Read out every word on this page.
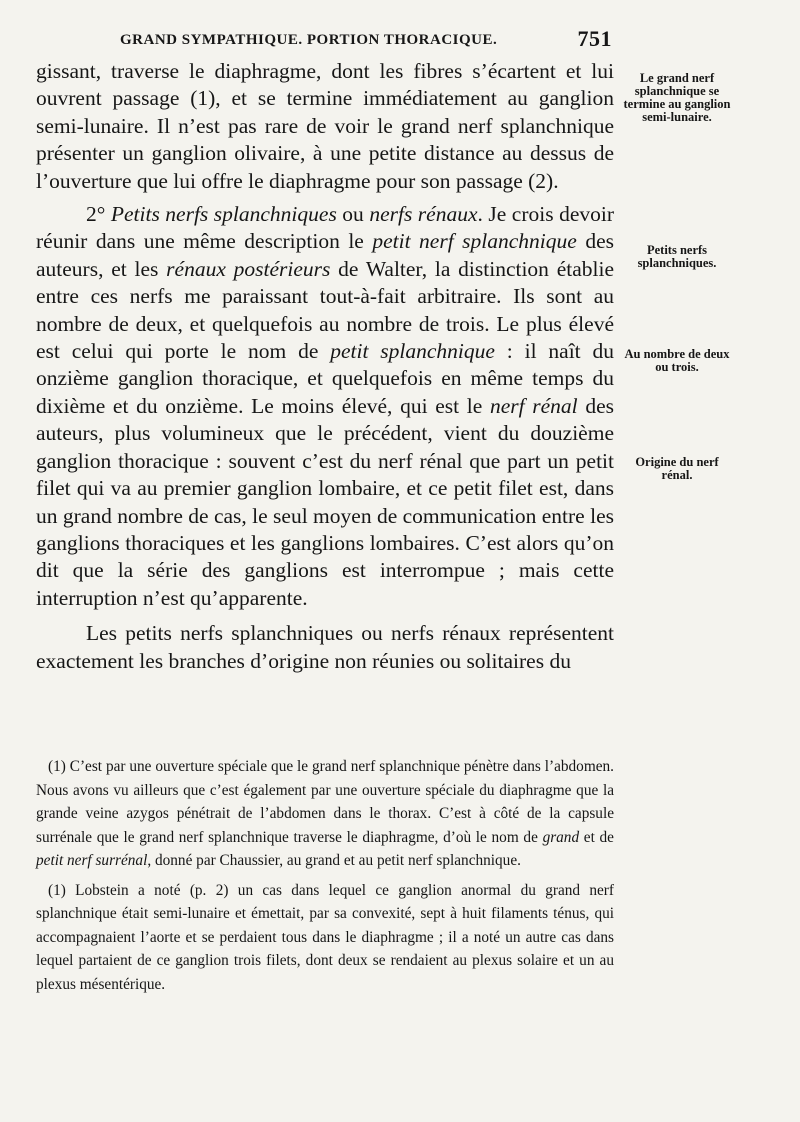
GRAND SYMPATHIQUE. PORTION THORACIQUE.	751

gissant, traverse le diaphragme, dont les fibres s’écartent et lui ouvrent passage (1), et se termine immédiatement au ganglion semi-lunaire. Il n’est pas rare de voir le grand nerf splanchnique présenter un ganglion olivaire, à une petite distance au dessus de l’ouverture que lui offre le diaphragme pour son passage (2).

2° Petits nerfs splanchniques ou nerfs rénaux. Je crois devoir réunir dans une même description le petit nerf splanchnique des auteurs, et les rénaux postérieurs de Walter, la distinction établie entre ces nerfs me paraissant tout-à-fait arbitraire. Ils sont au nombre de deux, et quelquefois au nombre de trois. Le plus élevé est celui qui porte le nom de petit splanchnique : il naît du onzième ganglion thoracique, et quelquefois en même temps du dixième et du onzième. Le moins élevé, qui est le nerf rénal des auteurs, plus volumineux que le précédent, vient du douzième ganglion thoracique : souvent c’est du nerf rénal que part un petit filet qui va au premier ganglion lombaire, et ce petit filet est, dans un grand nombre de cas, le seul moyen de communication entre les ganglions thoraciques et les ganglions lombaires. C’est alors qu’on dit que la série des ganglions est interrompue ; mais cette interruption n’est qu’apparente.

Les petits nerfs splanchniques ou nerfs rénaux représentent exactement les branches d’origine non réunies ou solitaires du

Le grand nerf splanchnique se termine au ganglion semi-lunaire.
Petits nerfs splanchniques.
Au nombre de deux ou trois.
Origine du nerf rénal.

(1) C’est par une ouverture spéciale que le grand nerf splanchnique pénètre dans l’abdomen. Nous avons vu ailleurs que c’est également par une ouverture spéciale du diaphragme que la grande veine azygos pénétrait de l’abdomen dans le thorax. C’est à côté de la capsule surrénale que le grand nerf splanchnique traverse le diaphragme, d’où le nom de grand et de petit nerf surrénal, donné par Chaussier, au grand et au petit nerf splanchnique.

(1) Lobstein a noté (p. 2) un cas dans lequel ce ganglion anormal du grand nerf splanchnique était semi-lunaire et émettait, par sa convexité, sept à huit filaments ténus, qui accompagnaient l’aorte et se perdaient tous dans le diaphragme ; il a noté un autre cas dans lequel partaient de ce ganglion trois filets, dont deux se rendaient au plexus solaire et un au plexus mésentérique.
